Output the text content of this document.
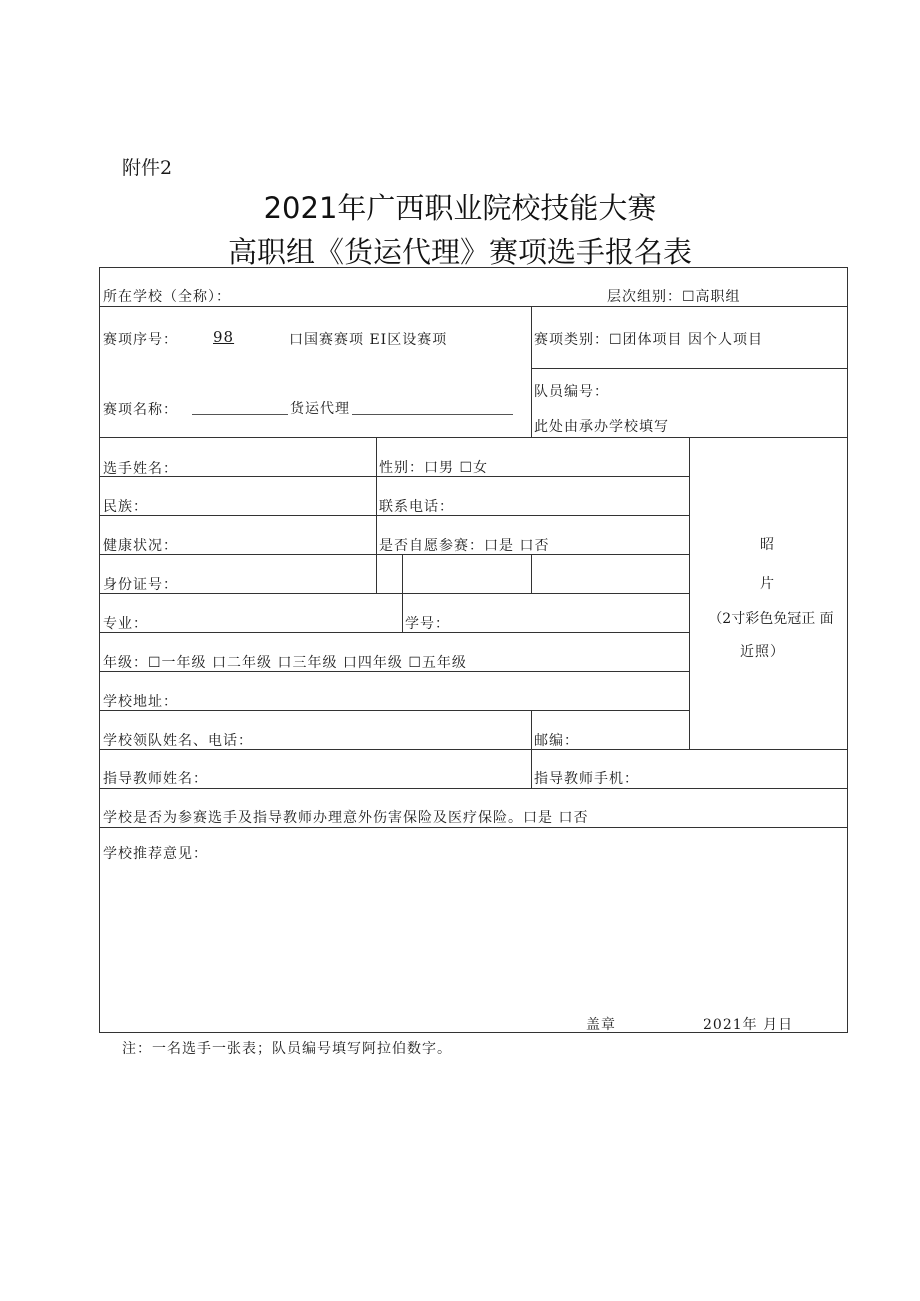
附件2
2021年广西职业院校技能大赛
高职组《货运代理》赛项选手报名表
所在学校（全称）：	层次组别：☐高职组
赛项序号： 98	口国赛赛项 EI区设赛项	赛项类别：☐团体项目 因个人项目
赛项名称：	货运代理
队员编号：
此处由承办学校填写
选手姓名：	性别：口男 ☐女
民族：	联系电话：
健康状况：	是否自愿参赛：口是 口否
身份证号：
专业：	学号：
年级：☐一年级 口二年级 口三年级 口四年级 ☐五年级
学校地址：
学校领队姓名、电话：	邮编：
指导教师姓名：	指导教师手机：
学校是否为参赛选手及指导教师办理意外伤害保险及医疗保险。口是 口否
学校推荐意见：
盖章	2021年 月日
昭
片
（2寸彩色免冠正 面
近照）
注：一名选手一张表；队员编号填写阿拉伯数字。
